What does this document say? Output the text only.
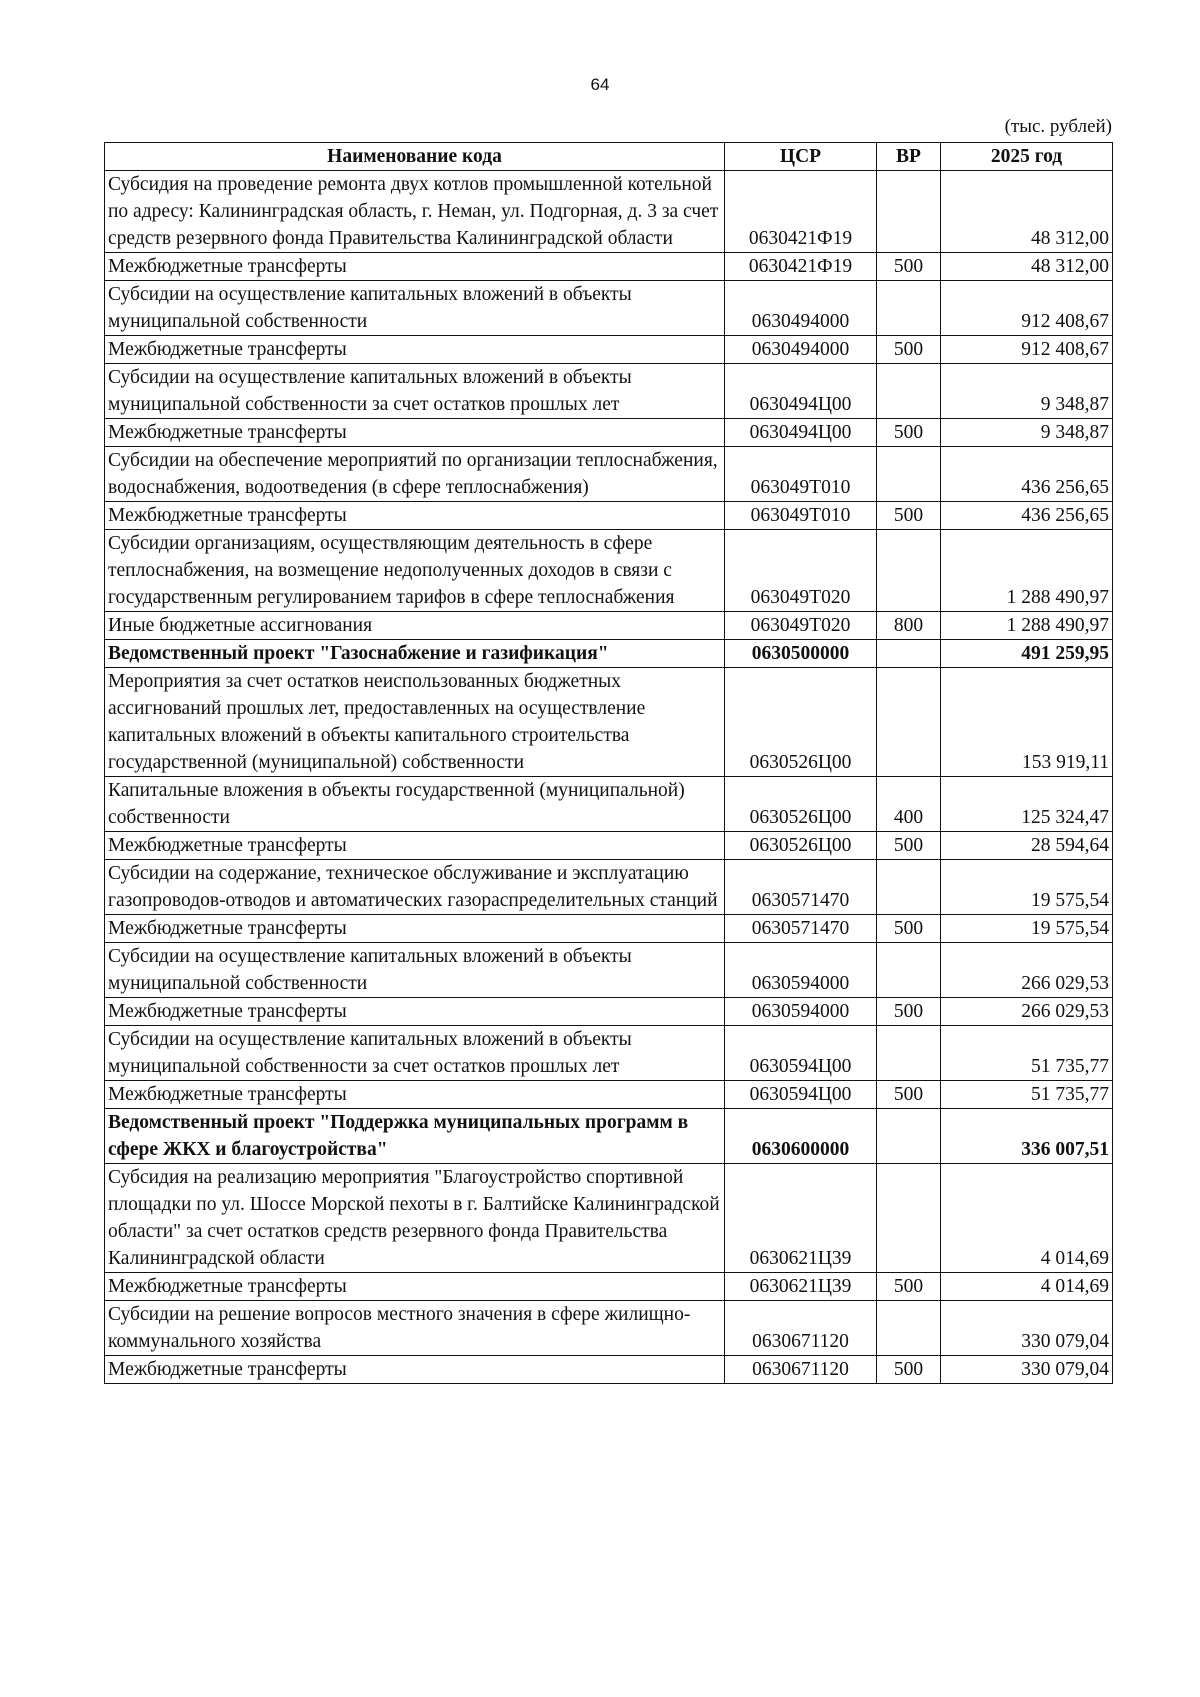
64
(тыс. рублей)
Наименование кода	ЦСР	ВР	2025 год
Субсидия на проведение ремонта двух котлов промышленной котельной по адресу: Калининградская область, г. Неман, ул. Подгорная, д. 3 за счет средств резервного фонда Правительства Калининградской области	0630421Ф19		48 312,00
Межбюджетные трансферты	0630421Ф19	500	48 312,00
Субсидии на осуществление капитальных вложений в объекты муниципальной собственности	0630494000		912 408,67
Межбюджетные трансферты	0630494000	500	912 408,67
Субсидии на осуществление капитальных вложений в объекты муниципальной собственности за счет остатков прошлых лет	0630494Ц00		9 348,87
Межбюджетные трансферты	0630494Ц00	500	9 348,87
Субсидии на обеспечение мероприятий по организации теплоснабжения, водоснабжения, водоотведения (в сфере теплоснабжения)	063049Т010		436 256,65
Межбюджетные трансферты	063049Т010	500	436 256,65
Субсидии организациям, осуществляющим деятельность в сфере теплоснабжения, на возмещение недополученных доходов в связи с государственным регулированием тарифов в сфере теплоснабжения	063049Т020		1 288 490,97
Иные бюджетные ассигнования	063049Т020	800	1 288 490,97
Ведомственный проект "Газоснабжение и газификация"	0630500000		491 259,95
Мероприятия за счет остатков неиспользованных бюджетных ассигнований прошлых лет, предоставленных на осуществление капитальных вложений в объекты капитального строительства государственной (муниципальной) собственности	0630526Ц00		153 919,11
Капитальные вложения в объекты государственной (муниципальной) собственности	0630526Ц00	400	125 324,47
Межбюджетные трансферты	0630526Ц00	500	28 594,64
Субсидии на содержание, техническое обслуживание и эксплуатацию газопроводов-отводов и автоматических газораспределительных станций	0630571470		19 575,54
Межбюджетные трансферты	0630571470	500	19 575,54
Субсидии на осуществление капитальных вложений в объекты муниципальной собственности	0630594000		266 029,53
Межбюджетные трансферты	0630594000	500	266 029,53
Субсидии на осуществление капитальных вложений в объекты муниципальной собственности за счет остатков прошлых лет	0630594Ц00		51 735,77
Межбюджетные трансферты	0630594Ц00	500	51 735,77
Ведомственный проект "Поддержка муниципальных программ в сфере ЖКХ и благоустройства"	0630600000		336 007,51
Субсидия на реализацию мероприятия "Благоустройство спортивной площадки по ул. Шоссе Морской пехоты в г. Балтийске Калининградской области" за счет остатков средств резервного фонда Правительства Калининградской области	0630621Ц39		4 014,69
Межбюджетные трансферты	0630621Ц39	500	4 014,69
Субсидии на решение вопросов местного значения в сфере жилищно-коммунального хозяйства	0630671120		330 079,04
Межбюджетные трансферты	0630671120	500	330 079,04
